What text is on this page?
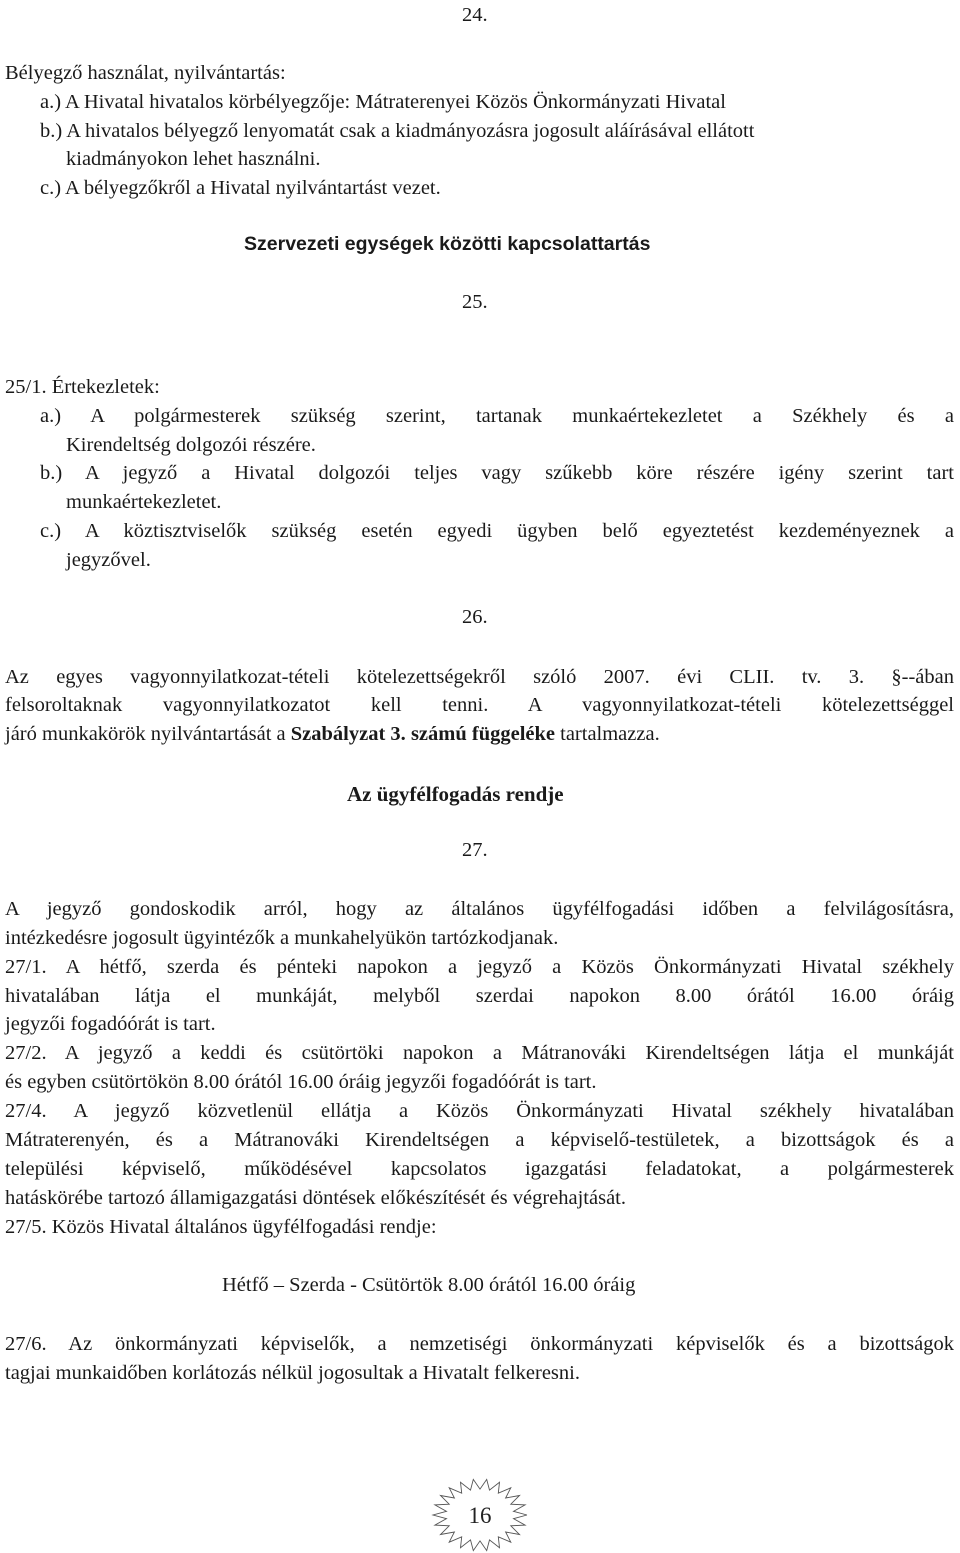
24.
Bélyegző használat, nyilvántartás:
a.) A Hivatal hivatalos körbélyegzője: Mátraterenyei Közös Önkormányzati Hivatal
b.) A hivatalos bélyegző lenyomatát csak a kiadmányozásra jogosult aláírásával ellátott
kiadmányokon lehet használni.
c.) A bélyegzőkről a Hivatal nyilvántartást vezet.
Szervezeti egységek közötti kapcsolattartás
25.
25/1. Értekezletek:
a.) A polgármesterek szükség szerint, tartanak munkaértekezletet a Székhely és a
Kirendeltség dolgozói részére.
b.) A jegyző a Hivatal dolgozói teljes vagy szűkebb köre részére igény szerint tart
munkaértekezletet.
c.) A köztisztviselők szükség esetén egyedi ügyben belő egyeztetést kezdeményeznek a
jegyzővel.
26.
Az egyes vagyonnyilatkozat-tételi kötelezettségekről szóló 2007. évi CLII. tv. 3. §--ában
felsoroltaknak vagyonnyilatkozatot kell tenni. A vagyonnyilatkozat-tételi kötelezettséggel
járó munkakörök nyilvántartását a Szabályzat 3. számú függeléke tartalmazza.
Az ügyfélfogadás rendje
27.
A jegyző gondoskodik arról, hogy az általános ügyfélfogadási időben a felvilágosításra,
intézkedésre jogosult ügyintézők a munkahelyükön tartózkodjanak.
27/1. A hétfő, szerda és pénteki napokon a jegyző a Közös Önkormányzati Hivatal székhely
hivatalában látja el munkáját, melyből szerdai napokon 8.00 órától 16.00 óráig
jegyzői fogadóórát is tart.
27/2. A jegyző a keddi és csütörtöki napokon a Mátranováki Kirendeltségen látja el munkáját
és egyben csütörtökön 8.00 órától 16.00 óráig jegyzői fogadóórát is tart.
27/4. A jegyző közvetlenül ellátja a Közös Önkormányzati Hivatal székhely hivatalában
Mátraterenyén, és a Mátranováki Kirendeltségen a képviselő-testületek, a bizottságok és a
települési képviselő, működésével kapcsolatos igazgatási feladatokat, a polgármesterek
hatáskörébe tartozó államigazgatási döntések előkészítését és végrehajtását.
27/5. Közös Hivatal általános ügyfélfogadási rendje:
Hétfő – Szerda - Csütörtök 8.00 órától 16.00 óráig
27/6. Az önkormányzati képviselők, a nemzetiségi önkormányzati képviselők és a bizottságok
tagjai munkaidőben korlátozás nélkül jogosultak a Hivatalt felkeresni.
16
